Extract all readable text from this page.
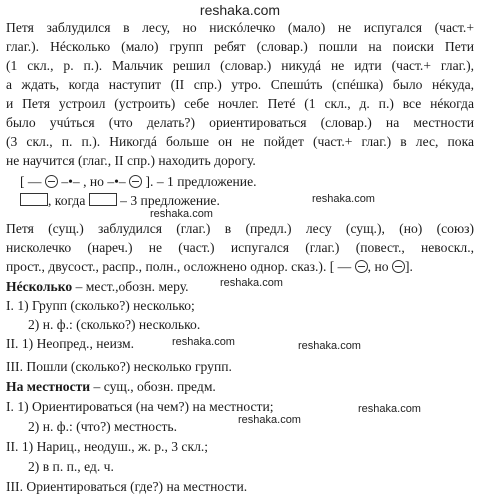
reshaka.com
Петя заблудился в лесу, но нискóлечко (мало) не испугался (част.+
глаг.). Нéсколько (мало) групп ребят (словар.) пошли на поиски Пети
(1 скл., р. п.). Мальчик решил (словар.) никудá не идти (част.+ глаг.),
а ждать, когда наступит (II спр.) утро. Спешúть (спéшка) было нéкуда,
и Петя устроил (устроить) себе ночлег. Петé (1 скл., д. п.) все нéкогда
было учúться (что делать?) ориентироваться (словар.) на местности
(3 скл., п. п.). Никогдá больше он не пойдет (част.+ глаг.) в лес, пока
не научится (глаг., II спр.) находить дорогу.
[ —  –•– , но –•–  ]. – 1 предложение.
, когда  – 3 предложение.
Петя (сущ.) заблудился (глаг.) в (предл.) лесу (сущ.), (но) (союз)
нисколечко (нареч.) не (част.) испугался (глаг.) (повест., невоскл.,
прост., двусост., распр., полн., осложнено однор. сказ.). [ — , но ].
Нéсколько – мест.,обозн. меру.
I. 1) Групп (сколько?) несколько;
2) н. ф.: (сколько?) несколько.
II. 1) Неопред., неизм.
III. Пошли (сколько?) несколько групп.
На местности – сущ., обозн. предм.
I. 1) Ориентироваться (на чем?) на местности;
2) н. ф.: (что?) местность.
II. 1) Нариц., неодуш., ж. р., 3 скл.;
2) в п. п., ед. ч.
III. Ориентироваться (где?) на местности.
reshaka.com
reshaka.com
reshaka.com
reshaka.com	reshaka.com
reshaka.com
reshaka.com
